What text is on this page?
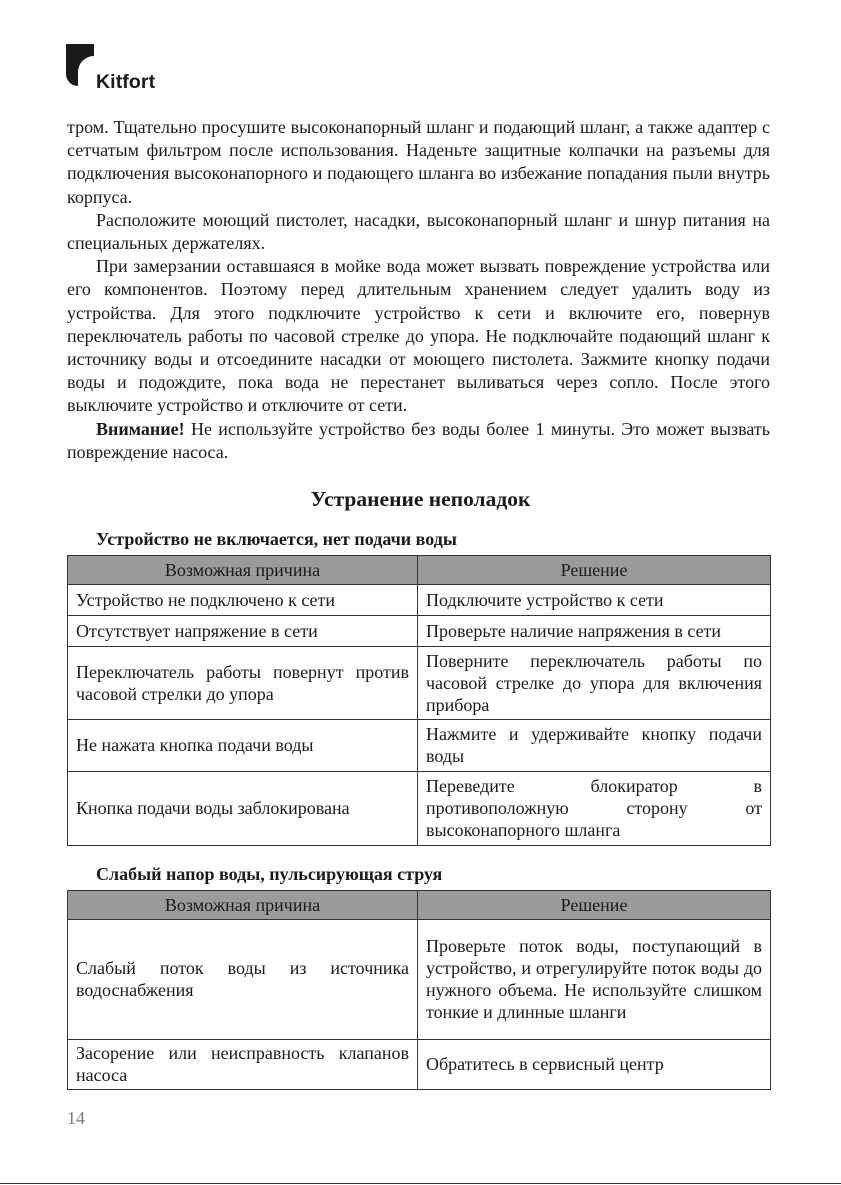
Kitfort

тром. Тщательно просушите высоконапорный шланг и подающий шланг, а также адаптер с сетчатым фильтром после использования. Наденьте защитные колпачки на разъемы для подключения высоконапорного и подающего шланга во избежание попадания пыли внутрь корпуса.

Расположите моющий пистолет, насадки, высоконапорный шланг и шнур питания на специальных держателях.

При замерзании оставшаяся в мойке вода может вызвать повреждение устройства или его компонентов. Поэтому перед длительным хранением следует удалить воду из устройства. Для этого подключите устройство к сети и включите его, повернув переключатель работы по часовой стрелке до упора. Не подключайте подающий шланг к источнику воды и отсоедините насадки от моющего пистолета. Зажмите кнопку подачи воды и подождите, пока вода не перестанет выливаться через сопло. После этого выключите устройство и отключите от сети.

Внимание! Не используйте устройство без воды более 1 минуты. Это может вызвать повреждение насоса.

Устранение неполадок
Устройство не включается, нет подачи воды
Возможная причина	Решение
Устройство не подключено к сети	Подключите устройство к сети
Отсутствует напряжение в сети	Проверьте наличие напряжения в сети
Переключатель работы повернут против часовой стрелки до упора	Поверните переключатель работы по часовой стрелке до упора для включения прибора
Не нажата кнопка подачи воды	Нажмите и удерживайте кнопку подачи воды
Кнопка подачи воды заблокирована	Переведите блокиратор в противоположную сторону от высоконапорного шланга
Слабый напор воды, пульсирующая струя
Возможная причина	Решение
Слабый поток воды из источника водоснабжения	Проверьте поток воды, поступающий в устройство, и отрегулируйте поток воды до нужного объема. Не используйте слишком тонкие и длинные шланги
Засорение или неисправность клапанов насоса	Обратитесь в сервисный центр
14
